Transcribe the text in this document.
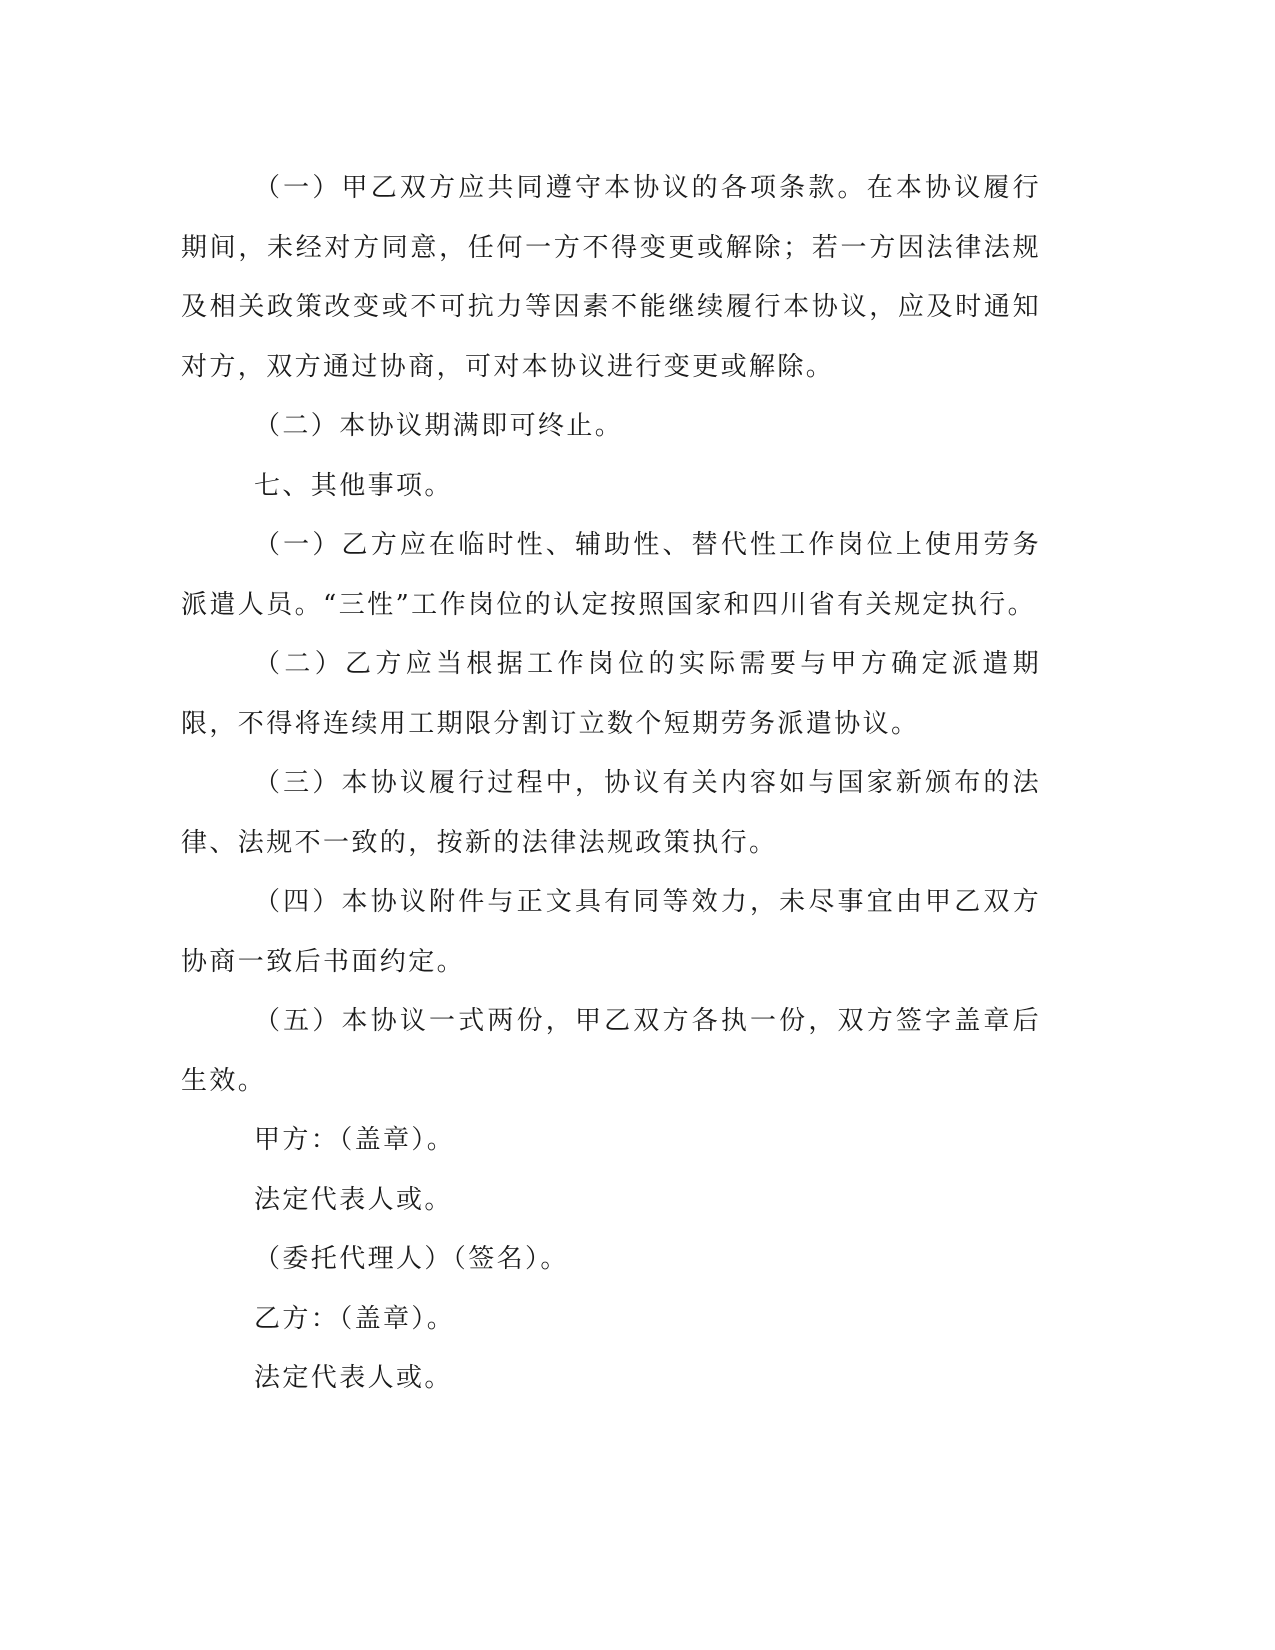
（一）甲乙双方应共同遵守本协议的各项条款。在本协议履行期间，未经对方同意，任何一方不得变更或解除；若一方因法律法规及相关政策改变或不可抗力等因素不能继续履行本协议，应及时通知对方，双方通过协商，可对本协议进行变更或解除。

（二）本协议期满即可终止。

七、其他事项。

（一）乙方应在临时性、辅助性、替代性工作岗位上使用劳务派遣人员。“三性”工作岗位的认定按照国家和四川省有关规定执行。

（二）乙方应当根据工作岗位的实际需要与甲方确定派遣期限，不得将连续用工期限分割订立数个短期劳务派遣协议。

（三）本协议履行过程中，协议有关内容如与国家新颁布的法律、法规不一致的，按新的法律法规政策执行。

（四）本协议附件与正文具有同等效力，未尽事宜由甲乙双方协商一致后书面约定。

（五）本协议一式两份，甲乙双方各执一份，双方签字盖章后生效。

甲方：（盖章）。

法定代表人或。

（委托代理人）（签名）。

乙方：（盖章）。

法定代表人或。
